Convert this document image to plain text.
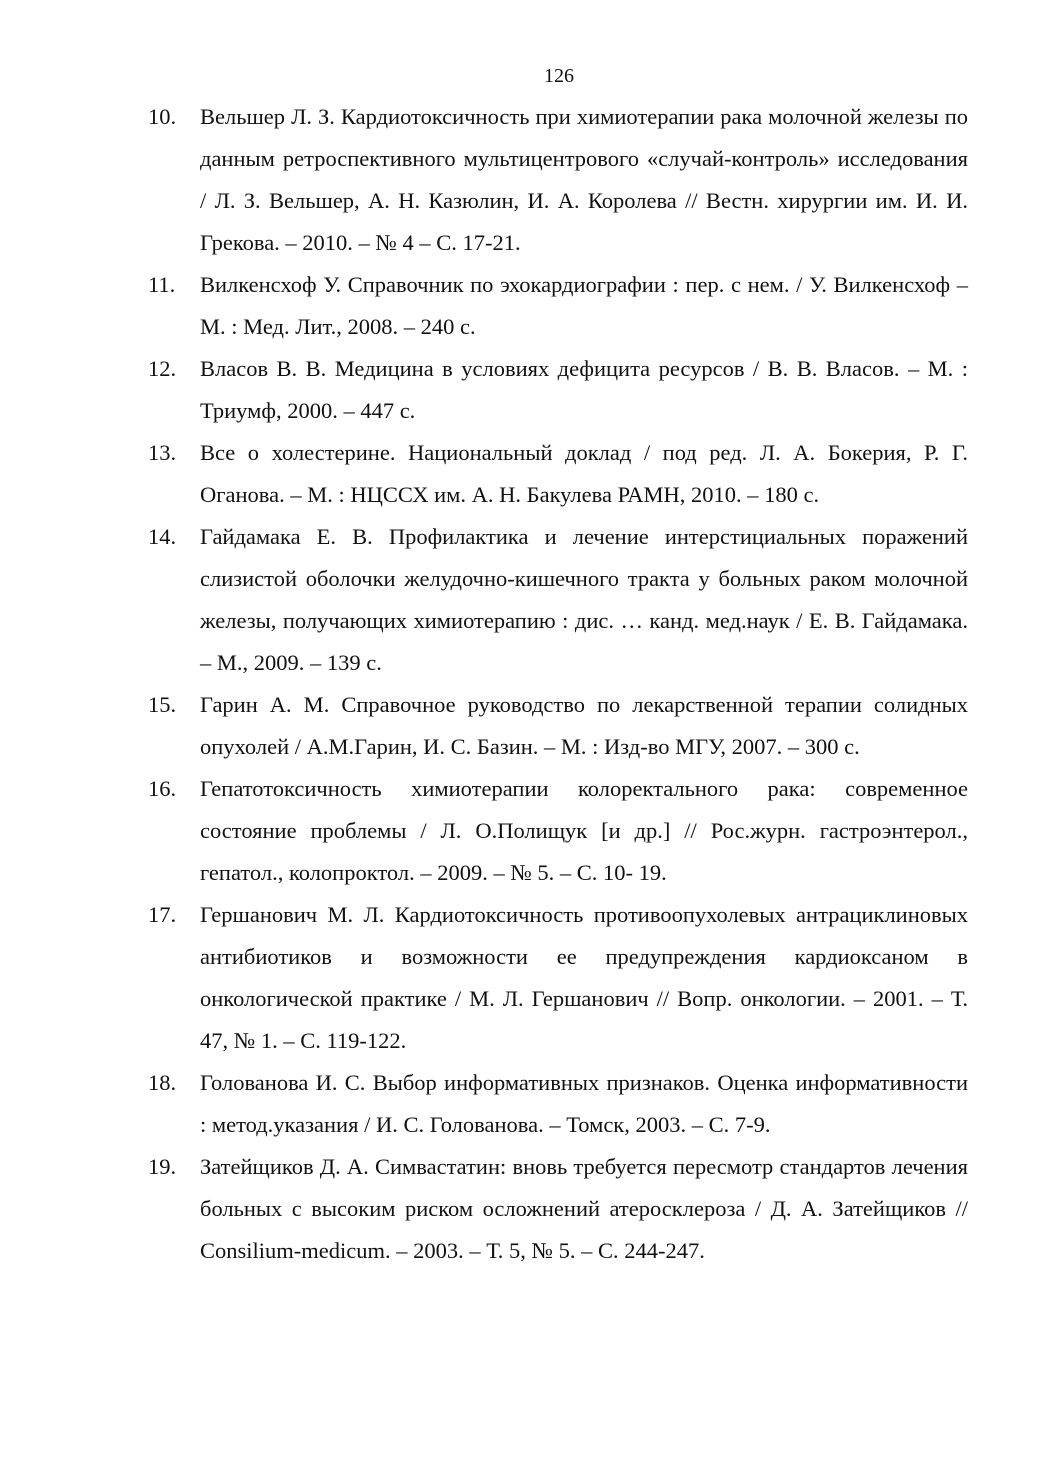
126
10.	Вельшер Л. З. Кардиотоксичность при химиотерапии рака молочной железы по данным ретроспективного мультицентрового «случай-контроль» исследования / Л. З. Вельшер, А. Н. Казюлин, И. А. Королева // Вестн. хирургии им. И. И. Грекова. – 2010. – № 4 – С. 17-21.
11.	Вилкенсхоф У. Справочник по эхокардиографии : пер. с нем. / У. Вилкенсхоф – М. : Мед. Лит., 2008. – 240 с.
12.	Власов В. В. Медицина в условиях дефицита ресурсов / В. В. Власов. – М. : Триумф, 2000. – 447 с.
13.	Все о холестерине. Национальный доклад / под ред. Л. А. Бокерия, Р. Г. Оганова. – М. : НЦССХ им. А. Н. Бакулева РАМН, 2010. – 180 с.
14.	Гайдамака Е. В. Профилактика и лечение интерстициальных поражений слизистой оболочки желудочно-кишечного тракта у больных раком молочной железы, получающих химиотерапию : дис. … канд. мед.наук / Е. В. Гайдамака. – М., 2009. – 139 с.
15.	Гарин А. М. Справочное руководство по лекарственной терапии солидных опухолей / А.М.Гарин, И. С. Базин. – М. : Изд-во МГУ, 2007. – 300 с.
16.	Гепатотоксичность химиотерапии колоректального рака: современное состояние проблемы / Л. О.Полищук [и др.] // Рос.журн. гастроэнтерол., гепатол., колопроктол. – 2009. – № 5. – С. 10- 19.
17.	Гершанович М. Л. Кардиотоксичность противоопухолевых антрациклиновых антибиотиков и возможности ее предупреждения кардиоксаном в онкологической практике / М. Л. Гершанович // Вопр. онкологии. – 2001. – Т. 47, № 1. – С. 119-122.
18.	Голованова И. С. Выбор информативных признаков. Оценка информативности : метод.указания / И. С. Голованова. – Томск, 2003. – С. 7-9.
19.	Затейщиков Д. А. Симвастатин: вновь требуется пересмотр стандартов лечения больных с высоким риском осложнений атеросклероза / Д. А. Затейщиков // Consilium-medicum. – 2003. – Т. 5, № 5. – С. 244-247.
